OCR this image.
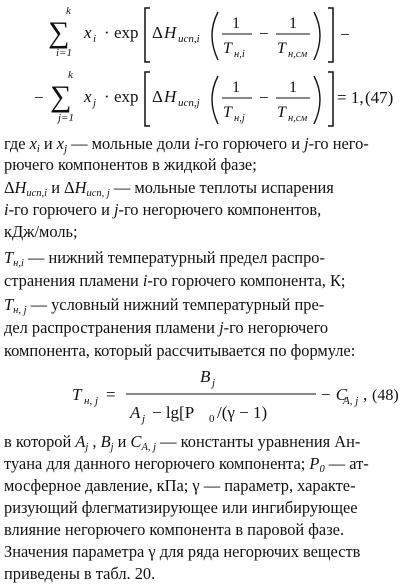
k
∑
i=1
x i · exp Δ H исп,i
1
T н,i
−
1
T н,см
−
k
− ∑
j=1
x j · exp Δ H исп,j
1
T н,j
−
1
T н,см
= 1, (47)
где $x_i$ и $x_j$ — мольные доли i-го горючего и j-го него-
рючего компонентов в жидкой фазе;
$\Delta H_{исп,i}$ и $\Delta H_{исп, j}$ — мольные теплоты испарения
i-го горючего и j-го негорючего компонентов,
кДж/моль;
$T_{н,i}$ — нижний температурный предел распро-
странения пламени i-го горючего компонента, К;
$T_{н, j}$ — условный нижний температурный пре-
дел распространения пламени j-го негорючего
компонента, который рассчитывается по формуле:
T н, j =
B j
A j − lg[P 0 /(γ − 1)
− C
A, j , (48)
в которой $A_j$ , $B_j$ и $C_{A, j}$ — константы уравнения Ан-
туана для данного негорючего компонента; $P_0$ — ат-
мосферное давление, кПа; γ — параметр, характе-
ризующий флегматизирующее или ингибирующее
влияние негорючего компонента в паровой фазе.
Значения параметра γ для ряда негорючих веществ
приведены в табл. 20.
